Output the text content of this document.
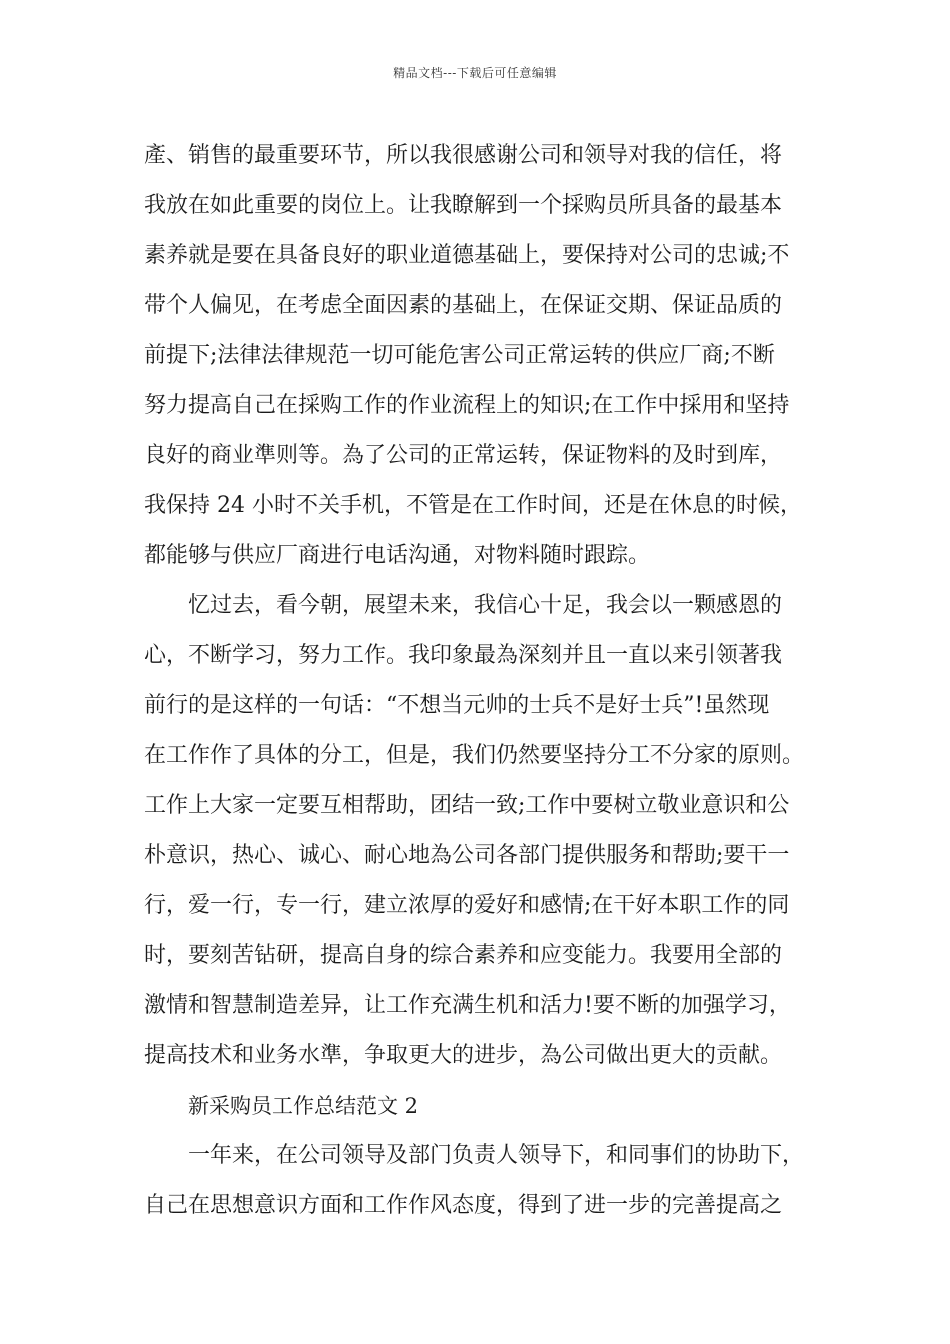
精品文档---下载后可任意编辑
產、销售的最重要环节，所以我很感谢公司和领导对我的信任，将
我放在如此重要的岗位上。让我瞭解到一个採购员所具备的最基本
素养就是要在具备良好的职业道德基础上，要保持对公司的忠诚;不
带个人偏见，在考虑全面因素的基础上，在保证交期、保证品质的
前提下;法律法律规范一切可能危害公司正常运转的供应厂商;不断
努力提高自己在採购工作的作业流程上的知识;在工作中採用和坚持
良好的商业準则等。為了公司的正常运转，保证物料的及时到库，
我保持 24 小时不关手机，不管是在工作时间，还是在休息的时候，
都能够与供应厂商进行电话沟通，对物料随时跟踪。
忆过去，看今朝，展望未来，我信心十足，我会以一颗感恩的
心，不断学习，努力工作。我印象最為深刻并且一直以来引领著我
前行的是这样的一句话：“不想当元帅的士兵不是好士兵”!虽然现
在工作作了具体的分工，但是，我们仍然要坚持分工不分家的原则。
工作上大家一定要互相帮助，团结一致;工作中要树立敬业意识和公
朴意识，热心、诚心、耐心地為公司各部门提供服务和帮助;要干一
行，爱一行，专一行，建立浓厚的爱好和感情;在干好本职工作的同
时，要刻苦钻研，提高自身的综合素养和应变能力。我要用全部的
激情和智慧制造差异，让工作充满生机和活力!要不断的加强学习，
提高技术和业务水準，争取更大的进步，為公司做出更大的贡献。
新采购员工作总结范文 2
一年来，在公司领导及部门负责人领导下，和同事们的协助下，
自己在思想意识方面和工作作风态度，得到了进一步的完善提高之
